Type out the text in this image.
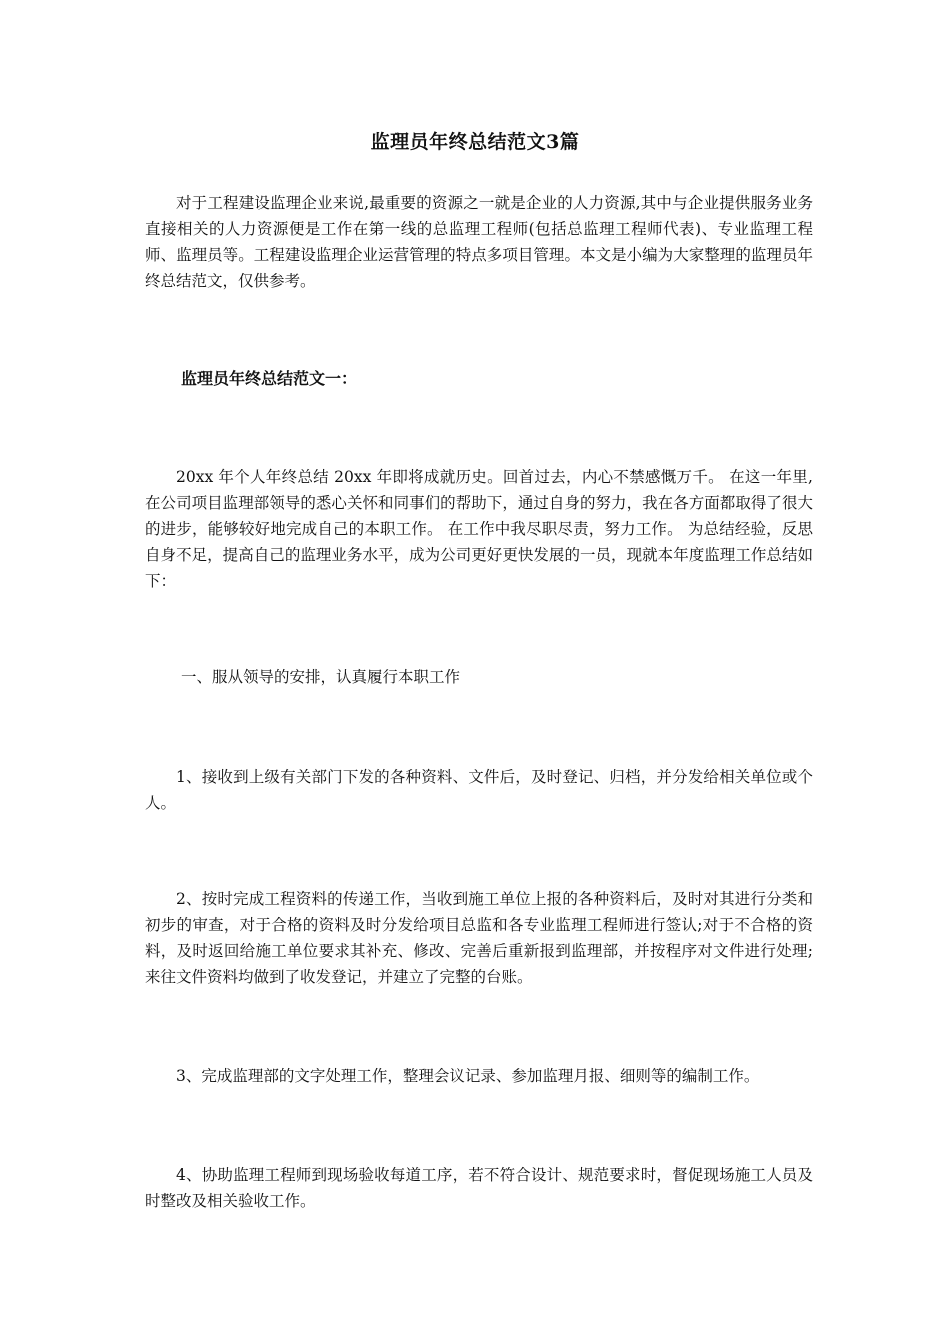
监理员年终总结范文3篇

对于工程建设监理企业来说,最重要的资源之一就是企业的人力资源,其中与企业提供服务业务直接相关的人力资源便是工作在第一线的总监理工程师(包括总监理工程师代表)、专业监理工程师、监理员等。工程建设监理企业运营管理的特点多项目管理。本文是小编为大家整理的监理员年终总结范文，仅供参考。

监理员年终总结范文一：

20xx 年个人年终总结 20xx 年即将成就历史。回首过去，内心不禁感慨万千。 在这一年里,在公司项目监理部领导的悉心关怀和同事们的帮助下，通过自身的努力，我在各方面都取得了很大的进步，能够较好地完成自己的本职工作。 在工作中我尽职尽责，努力工作。 为总结经验，反思自身不足，提高自己的监理业务水平，成为公司更好更快发展的一员，现就本年度监理工作总结如下：

一、服从领导的安排，认真履行本职工作

1、接收到上级有关部门下发的各种资料、文件后，及时登记、归档，并分发给相关单位或个人。

2、按时完成工程资料的传递工作，当收到施工单位上报的各种资料后，及时对其进行分类和初步的审查，对于合格的资料及时分发给项目总监和各专业监理工程师进行签认;对于不合格的资料，及时返回给施工单位要求其补充、修改、完善后重新报到监理部，并按程序对文件进行处理;来往文件资料均做到了收发登记，并建立了完整的台账。

3、完成监理部的文字处理工作，整理会议记录、参加监理月报、细则等的编制工作。

4、协助监理工程师到现场验收每道工序，若不符合设计、规范要求时，督促现场施工人员及时整改及相关验收工作。
